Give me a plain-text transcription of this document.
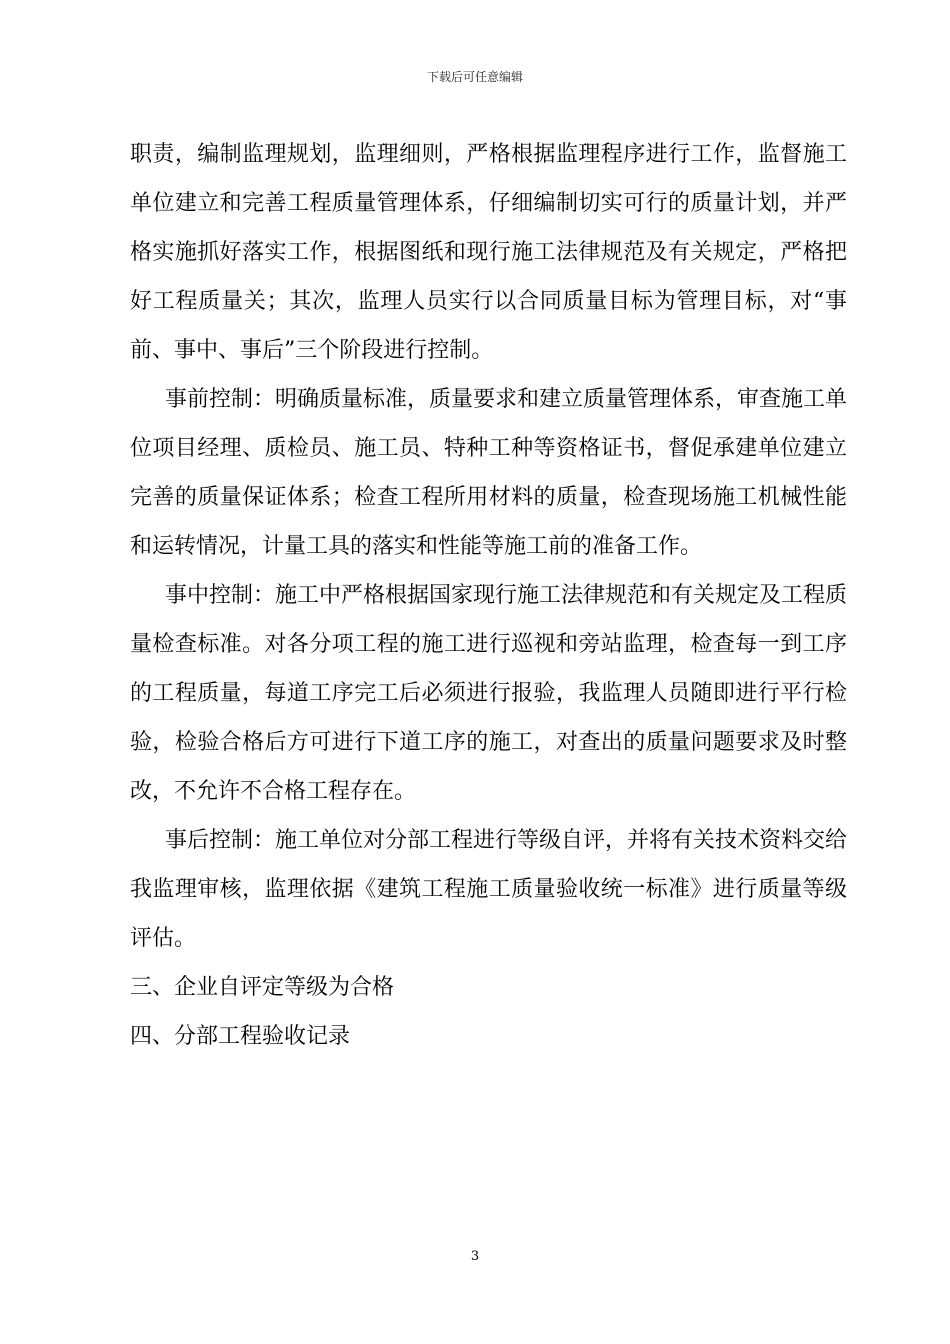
下载后可任意编辑

职责，编制监理规划，监理细则，严格根据监理程序进行工作，监督施工单位建立和完善工程质量管理体系，仔细编制切实可行的质量计划，并严格实施抓好落实工作，根据图纸和现行施工法律规范及有关规定，严格把好工程质量关；其次，监理人员实行以合同质量目标为管理目标，对“事前、事中、事后”三个阶段进行控制。

事前控制：明确质量标准，质量要求和建立质量管理体系，审查施工单位项目经理、质检员、施工员、特种工种等资格证书，督促承建单位建立完善的质量保证体系；检查工程所用材料的质量，检查现场施工机械性能和运转情况，计量工具的落实和性能等施工前的准备工作。

事中控制：施工中严格根据国家现行施工法律规范和有关规定及工程质量检查标准。对各分项工程的施工进行巡视和旁站监理，检查每一到工序的工程质量，每道工序完工后必须进行报验，我监理人员随即进行平行检验，检验合格后方可进行下道工序的施工，对查出的质量问题要求及时整改，不允许不合格工程存在。

事后控制：施工单位对分部工程进行等级自评，并将有关技术资料交给我监理审核，监理依据《建筑工程施工质量验收统一标准》进行质量等级评估。

三、企业自评定等级为合格

四、分部工程验收记录

3
